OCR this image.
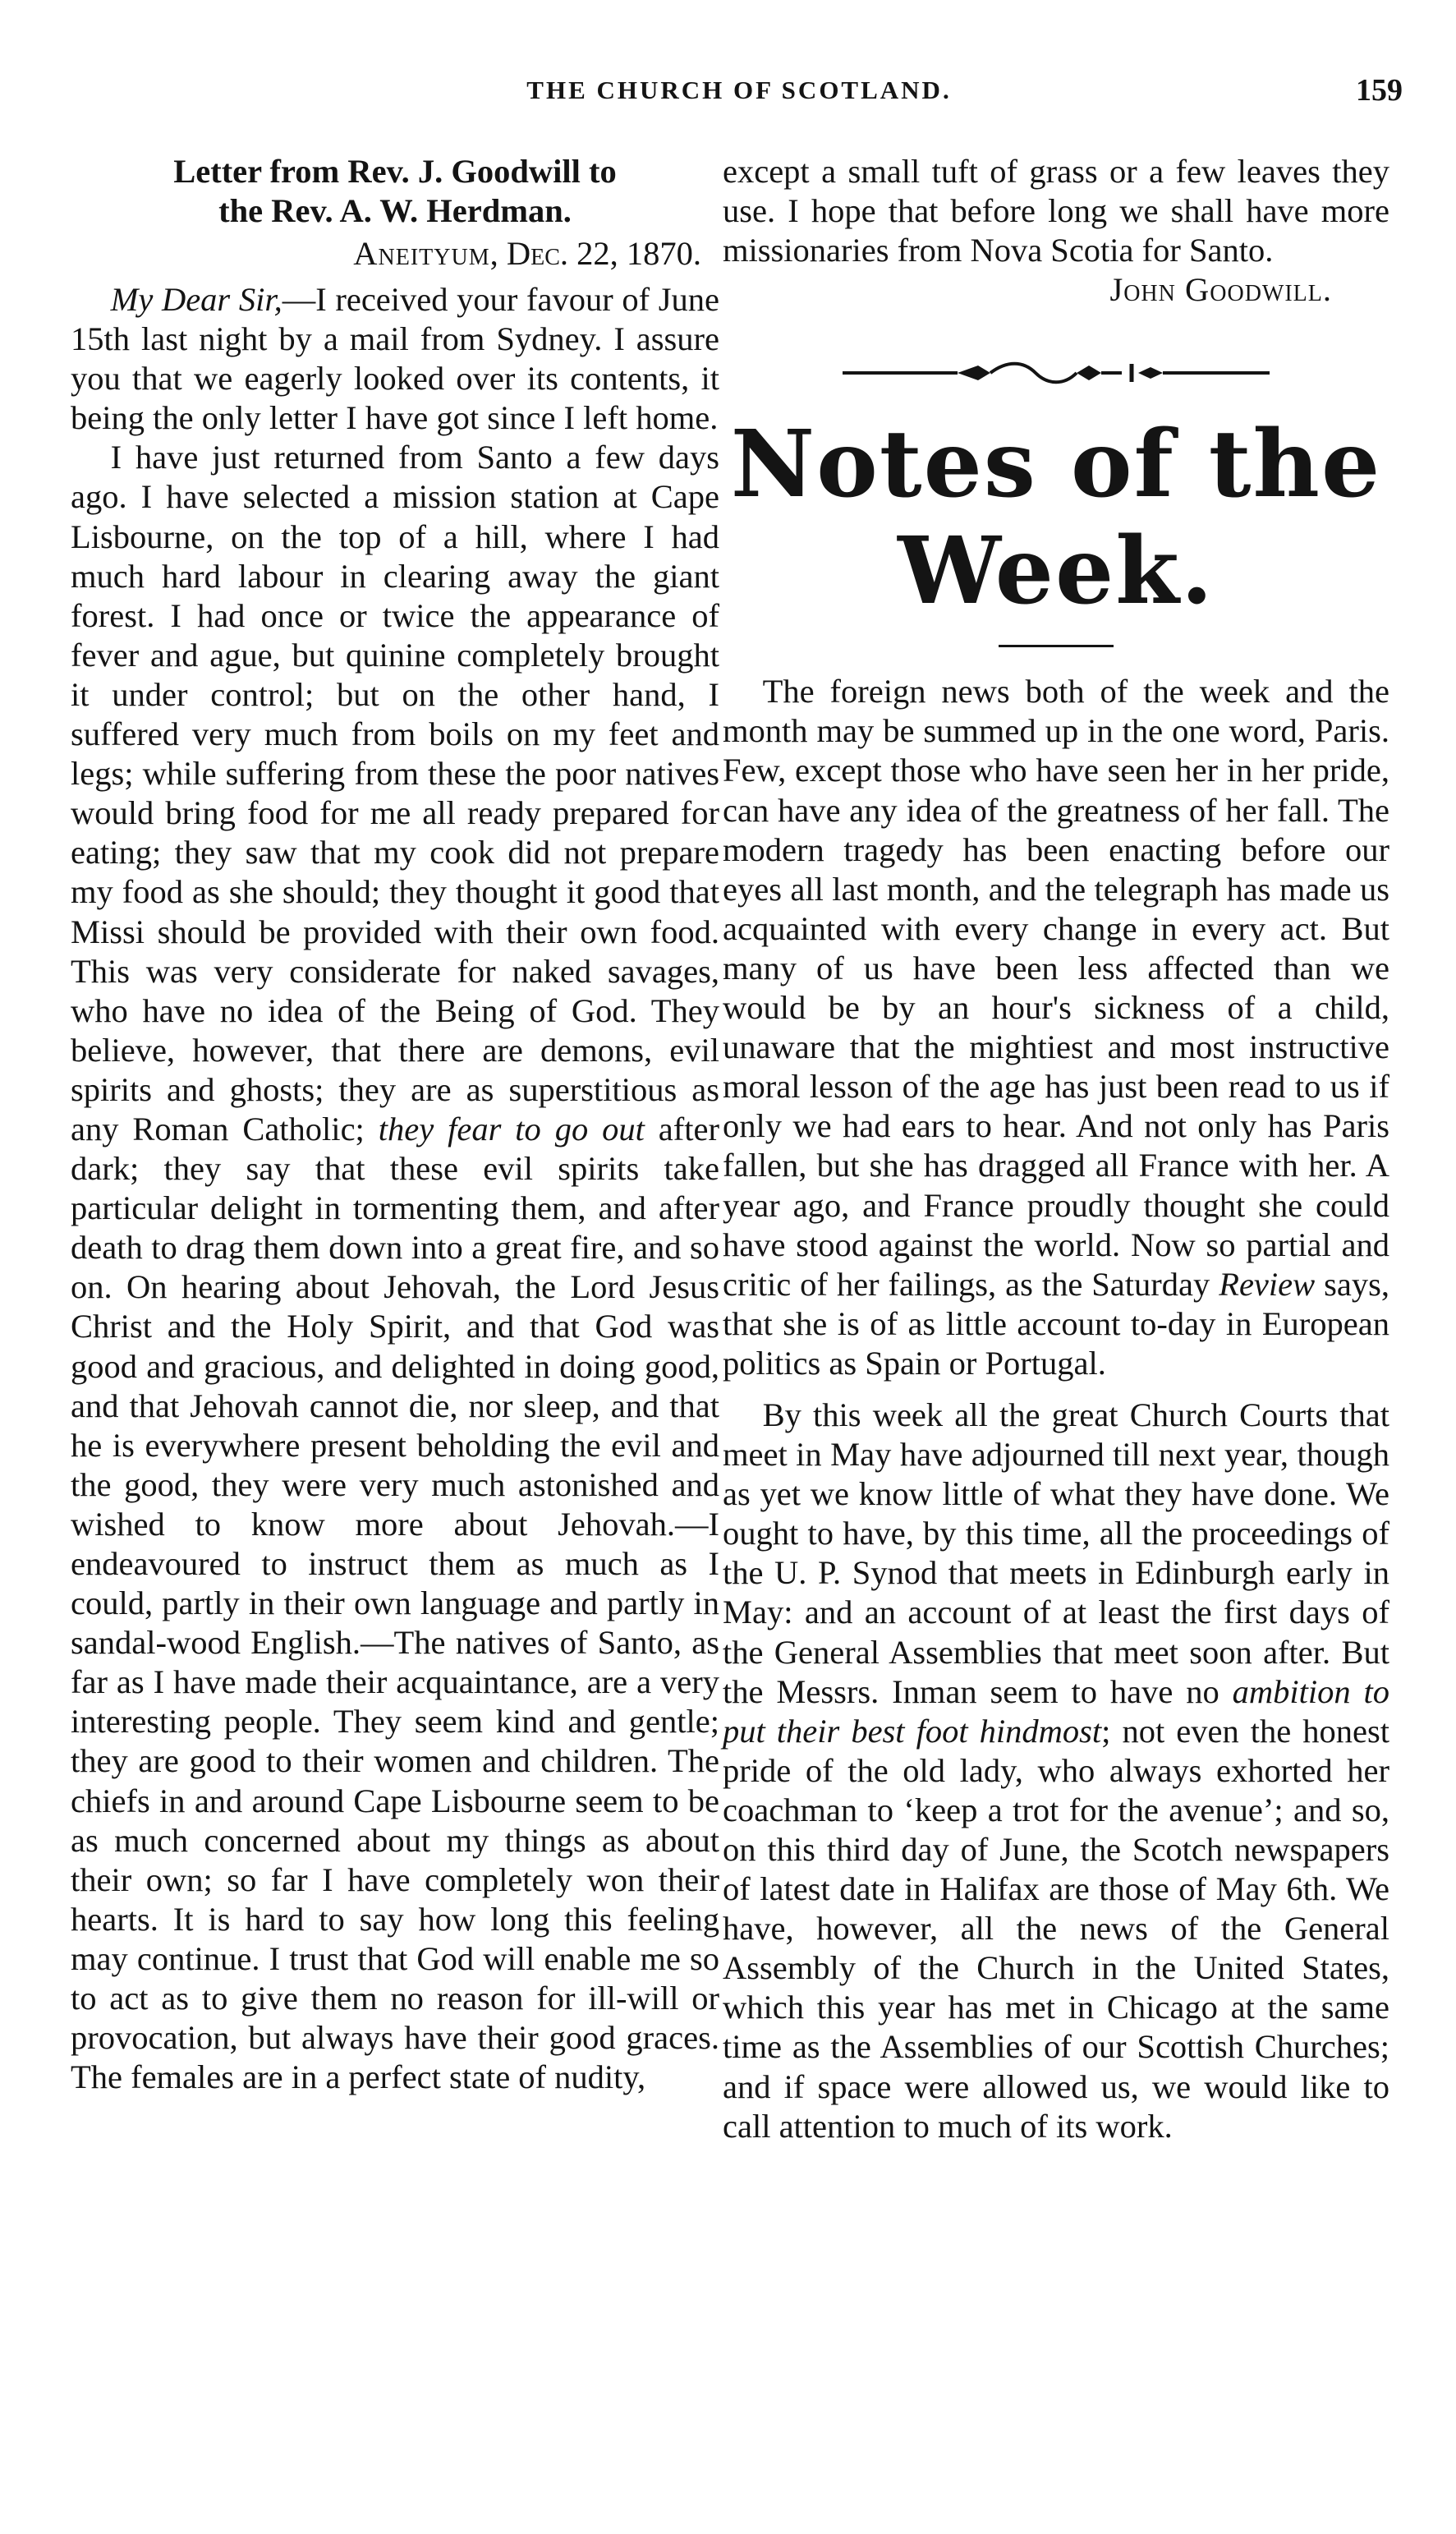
THE CHURCH OF SCOTLAND.	159
Letter from Rev. J. Goodwill to
the Rev. A. W. Herdman.
Aneityum, Dec. 22, 1870.

My Dear Sir,—I received your favour of June 15th last night by a mail from Sydney. I assure you that we eagerly looked over its contents, it being the only letter I have got since I left home.

I have just returned from Santo a few days ago. I have selected a mission station at Cape Lisbourne, on the top of a hill, where I had much hard labour in clearing away the giant forest. I had once or twice the appearance of fever and ague, but quinine completely brought it under control; but on the other hand, I suffered very much from boils on my feet and legs; while suffering from these the poor natives would bring food for me all ready prepared for eating; they saw that my cook did not prepare my food as she should; they thought it good that Missi should be provided with their own food. This was very considerate for naked savages, who have no idea of the Being of God. They believe, however, that there are demons, evil spirits and ghosts; they are as superstitious as any Roman Catholic; they fear to go out after dark; they say that these evil spirits take particular delight in tormenting them, and after death to drag them down into a great fire, and so on. On hearing about Jehovah, the Lord Jesus Christ and the Holy Spirit, and that God was good and gracious, and delighted in doing good, and that Jehovah cannot die, nor sleep, and that he is everywhere present beholding the evil and the good, they were very much astonished and wished to know more about Jehovah.—I endeavoured to instruct them as much as I could, partly in their own language and partly in sandal-wood English.—The natives of Santo, as far as I have made their acquaintance, are a very interesting people. They seem kind and gentle; they are good to their women and children. The chiefs in and around Cape Lisbourne seem to be as much concerned about my things as about their own; so far I have completely won their hearts. It is hard to say how long this feeling may continue. I trust that God will enable me so to act as to give them no reason for ill-will or provocation, but always have their good graces. The females are in a perfect state of nudity,

except a small tuft of grass or a few leaves they use. I hope that before long we shall have more missionaries from Nova Scotia for Santo.

John Goodwill.
Notes of the Week.

The foreign news both of the week and the month may be summed up in the one word, Paris. Few, except those who have seen her in her pride, can have any idea of the greatness of her fall. The modern tragedy has been enacting before our eyes all last month, and the telegraph has made us acquainted with every change in every act. But many of us have been less affected than we would be by an hour's sickness of a child, unaware that the mightiest and most instructive moral lesson of the age has just been read to us if only we had ears to hear. And not only has Paris fallen, but she has dragged all France with her. A year ago, and France proudly thought she could have stood against the world. Now so partial and critic of her failings, as the Saturday Review says, that she is of as little account to-day in European politics as Spain or Portugal.

By this week all the great Church Courts that meet in May have adjourned till next year, though as yet we know little of what they have done. We ought to have, by this time, all the proceedings of the U. P. Synod that meets in Edinburgh early in May: and an account of at least the first days of the General Assemblies that meet soon after. But the Messrs. Inman seem to have no ambition to put their best foot hindmost; not even the honest pride of the old lady, who always exhorted her coachman to ‘keep a trot for the avenue’; and so, on this third day of June, the Scotch newspapers of latest date in Halifax are those of May 6th. We have, however, all the news of the General Assembly of the Church in the United States, which this year has met in Chicago at the same time as the Assemblies of our Scottish Churches; and if space were allowed us, we would like to call attention to much of its work.
